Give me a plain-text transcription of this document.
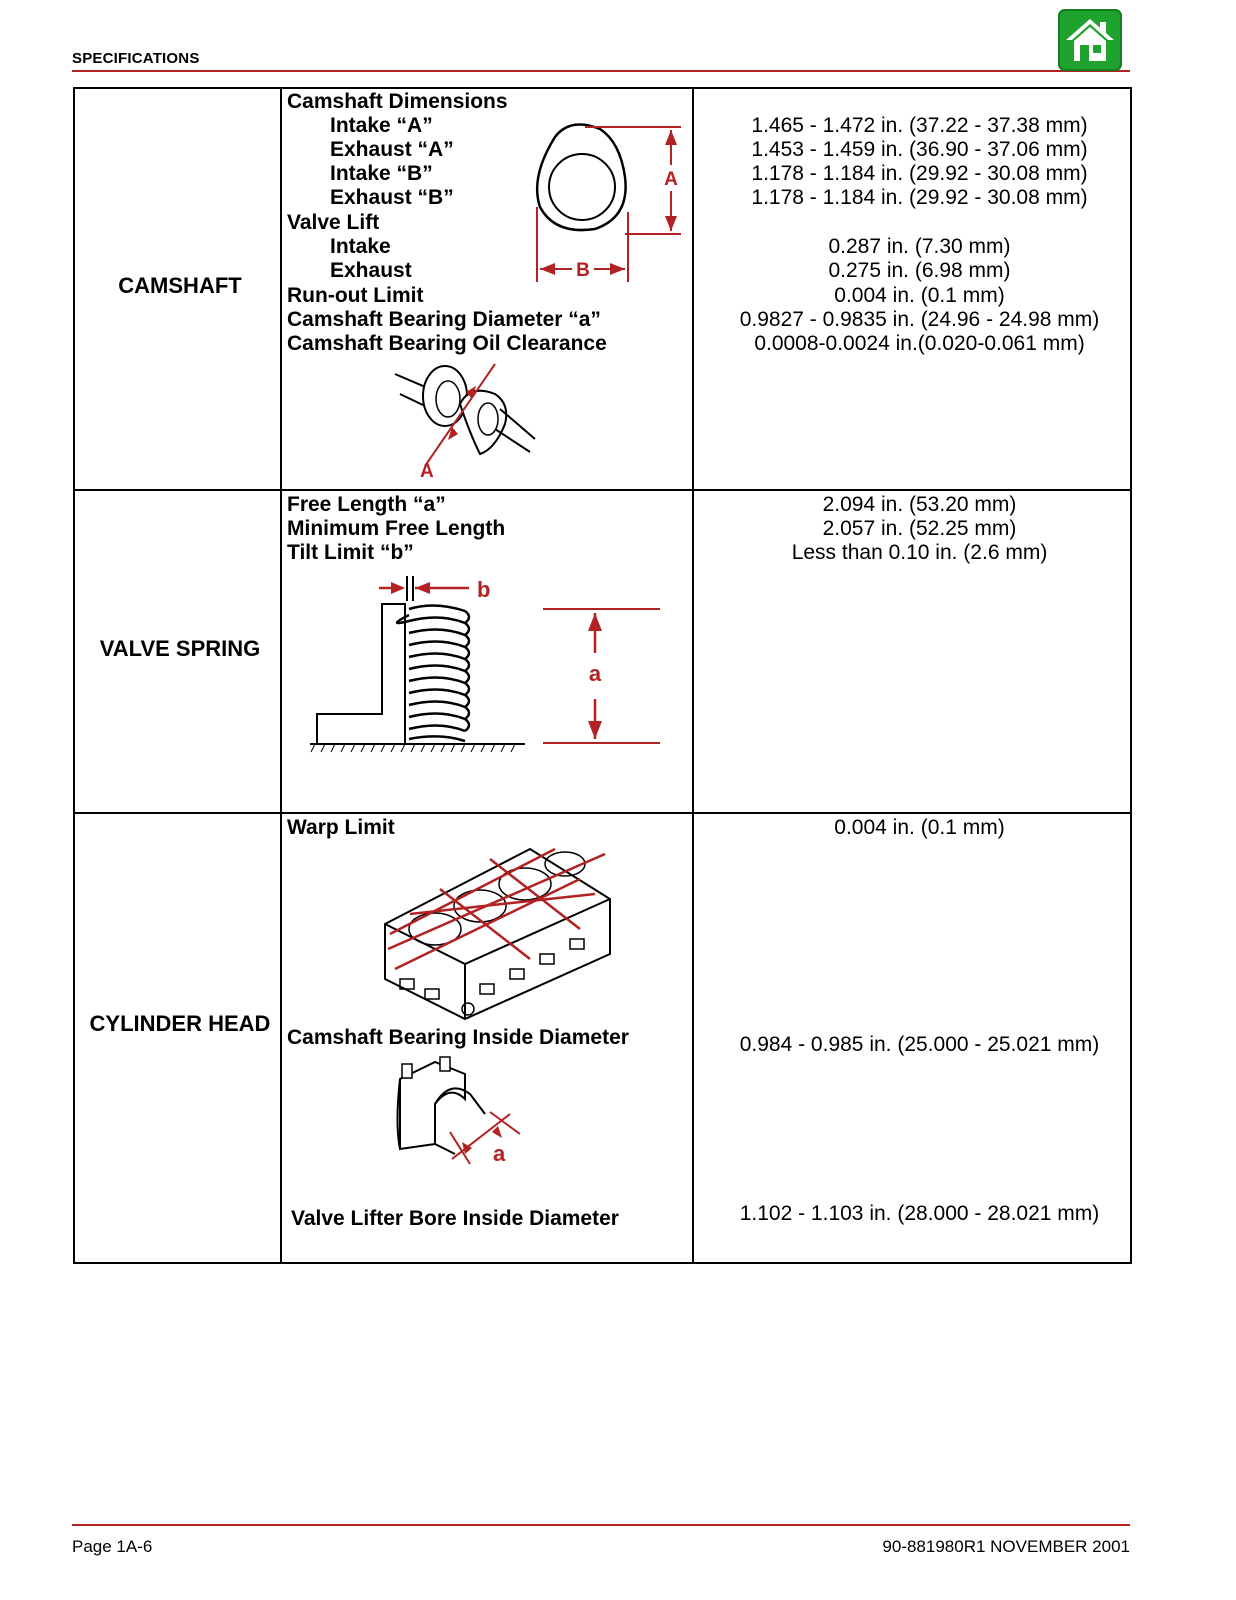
SPECIFICATIONS
CAMSHAFT
Camshaft Dimensions
Intake “A”
Exhaust “A”
Intake “B”
Exhaust “B”
Valve Lift
Intake
Exhaust
Run-out Limit
Camshaft Bearing Diameter “a”
Camshaft Bearing Oil Clearance
1.465 - 1.472 in. (37.22 - 37.38 mm)
1.453 - 1.459 in. (36.90 - 37.06 mm)
1.178 - 1.184 in. (29.92 - 30.08 mm)
1.178 - 1.184 in. (29.92 - 30.08 mm)
0.287 in. (7.30 mm)
0.275 in. (6.98 mm)
0.004 in. (0.1 mm)
0.9827 - 0.9835 in. (24.96 - 24.98 mm)
0.0008-0.0024 in.(0.020-0.061 mm)
A
B
A
VALVE SPRING
Free Length “a”
Minimum Free Length
Tilt Limit “b”
2.094 in. (53.20 mm)
2.057 in. (52.25 mm)
Less than 0.10 in. (2.6 mm)
b
a
CYLINDER HEAD
Warp Limit
Camshaft Bearing Inside Diameter
Valve Lifter Bore Inside Diameter
0.004 in. (0.1 mm)
0.984 - 0.985 in. (25.000 - 25.021 mm)
1.102 - 1.103 in. (28.000 - 28.021 mm)
a
Page 1A-6	90-881980R1 NOVEMBER 2001
